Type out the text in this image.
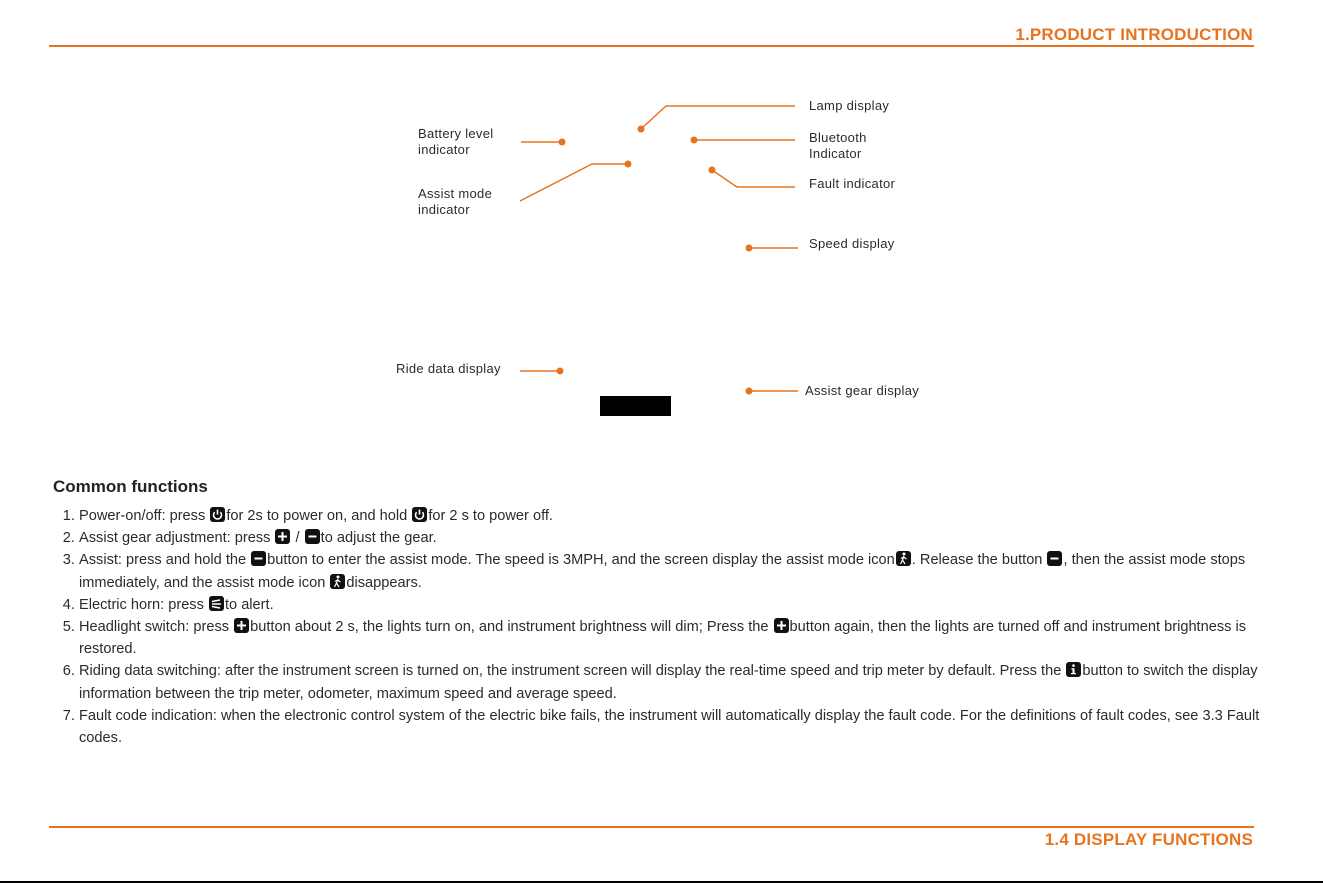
1.PRODUCT INTRODUCTION
Lamp display
Battery level
indicator
Bluetooth
Indicator
Fault indicator
Assist mode
indicator
Speed display
Ride data display
Assist gear display
Common functions
1. Power-on/off: press
for 2s to power on, and hold
for 2 s to power off.
2. Assist gear adjustment: press
/
to adjust the gear.
3. Assist: press and hold the
button to enter the assist mode. The speed is 3MPH, and the screen display the assist mode icon . Release the button
, then the assist mode stops immediately, and the assist mode icon
disappears.
4. Electric horn: press
to alert.
5. Headlight switch: press
button about 2 s, the lights turn on, and instrument brightness will dim; Press the
button again, then the lights are turned off and instrument brightness is restored.
6. Riding data switching: after the instrument screen is turned on, the instrument screen will display the real-time speed and trip meter by default. Press the
button to switch the display information between the trip meter, odometer, maximum speed and average speed.
7. Fault code indication: when the electronic control system of the electric bike fails, the instrument will automatically display the fault code. For the definitions of fault codes, see 3.3 Fault codes.
1.4 DISPLAY FUNCTIONS
